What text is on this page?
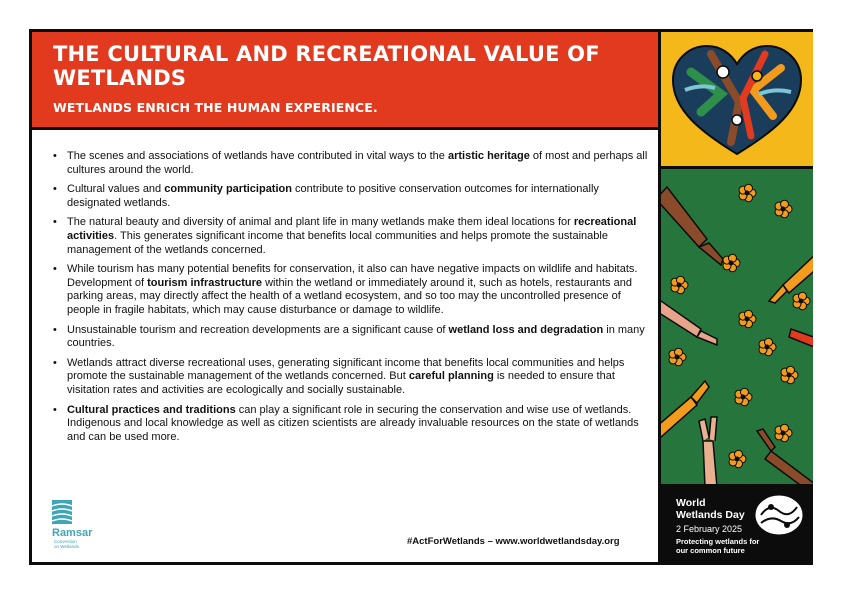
THE CULTURAL AND RECREATIONAL VALUE OF WETLANDS

WETLANDS ENRICH THE HUMAN EXPERIENCE.

• The scenes and associations of wetlands have contributed in vital ways to the artistic heritage of most and perhaps all cultures around the world.
• Cultural values and community participation contribute to positive conservation outcomes for internationally designated wetlands.
• The natural beauty and diversity of animal and plant life in many wetlands make them ideal locations for recreational activities. This generates significant income that benefits local communities and helps promote the sustainable management of the wetlands concerned.
• While tourism has many potential benefits for conservation, it also can have negative impacts on wildlife and habitats. Development of tourism infrastructure within the wetland or immediately around it, such as hotels, restaurants and parking areas, may directly affect the health of a wetland ecosystem, and so too may the uncontrolled presence of people in fragile habitats, which may cause disturbance or damage to wildlife.
• Unsustainable tourism and recreation developments are a significant cause of wetland loss and degradation in many countries.
• Wetlands attract diverse recreational uses, generating significant income that benefits local communities and helps promote the sustainable management of the wetlands concerned. But careful planning is needed to ensure that visitation rates and activities are ecologically and socially sustainable.
• Cultural practices and traditions can play a significant role in securing the conservation and wise use of wetlands. Indigenous and local knowledge as well as citizen scientists are already invaluable resources on the state of wetlands and can be used more.
Ramsar
Convention
on Wetlands	#ActForWetlands – www.worldwetlandsday.org
World Wetlands Day
2 February 2025
Protecting wetlands for our common future
